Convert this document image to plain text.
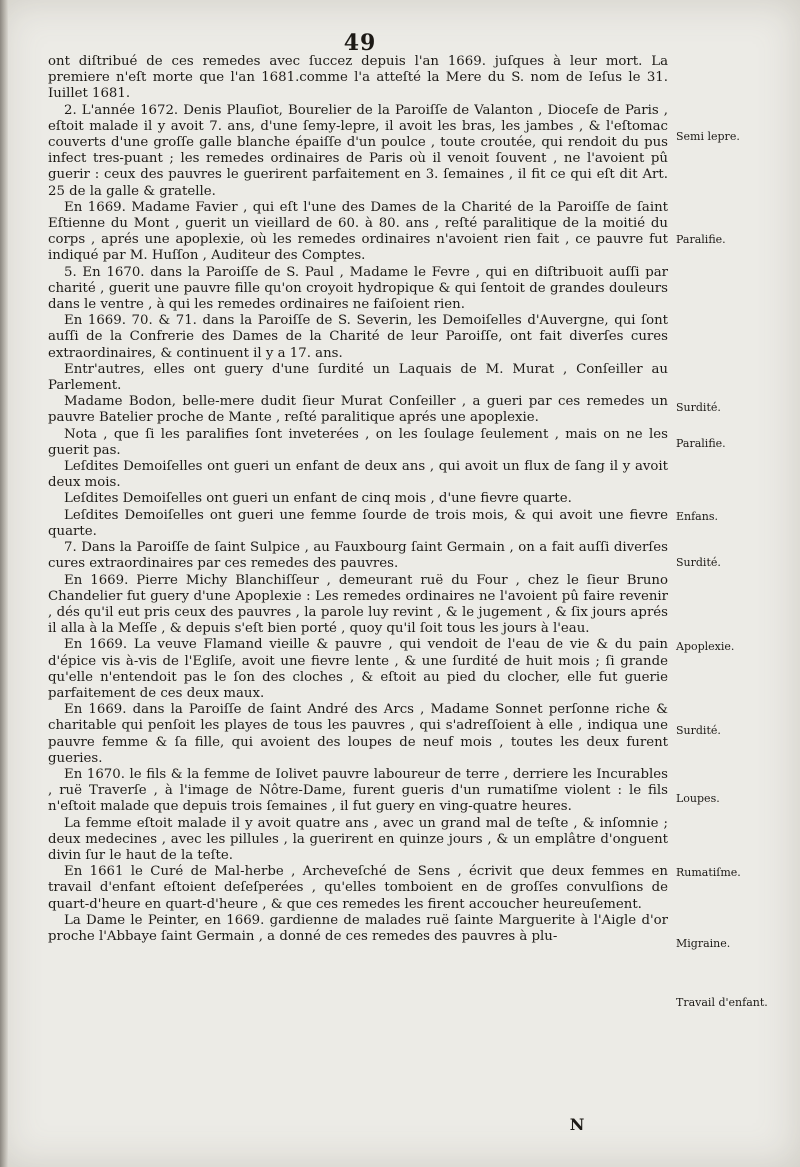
49

ont diſtribué de ces remedes avec ſuccez depuis l'an 1669. juſques à leur mort. La premiere n'eſt morte que l'an 1681.comme l'a atteſté la Mere du S. nom de Ieſus le 31. Iuillet 1681.

2. L'année 1672. Denis Plauſiot, Bourelier de la Paroiſſe de Valanton , Dioceſe de Paris , eſtoit malade il y avoit 7. ans, d'une ſemy-lepre, il avoit les bras, les jambes , & l'eſtomac couverts d'une groſſe galle blanche épaiſſe d'un poulce , toute croutée, qui rendoit du pus infect tres-puant ; les remedes ordinaires de Paris où il venoit ſouvent , ne l'avoient pû guerir : ceux des pauvres le guerirent parfaitement en 3. ſemaines , il fit ce qui eſt dit Art. 25 de la galle & gratelle.

En 1669. Madame Favier , qui eſt l'une des Dames de la Charité de la Paroiſſe de ſaint Eſtienne du Mont , guerit un vieillard de 60. à 80. ans , reſté paralitique de la moitié du corps , aprés une apoplexie, où les remedes ordinaires n'avoient rien fait , ce pauvre fut indiqué par M. Huſſon , Auditeur des Comptes.

5. En 1670. dans la Paroiſſe de S. Paul , Madame le Fevre , qui en diſtribuoit auſſi par charité , guerit une pauvre fille qu'on croyoit hydropique & qui ſentoit de grandes douleurs dans le ventre , à qui les remedes ordinaires ne faiſoient rien.

En 1669. 70. & 71. dans la Paroiſſe de S. Severin, les Demoiſelles d'Auvergne, qui ſont auſſi de la Confrerie des Dames de la Charité de leur Paroiſſe, ont fait diverſes cures extraordinaires, & continuent il y a 17. ans.

Entr'autres, elles ont guery d'une ſurdité un Laquais de M. Murat , Conſeiller au Parlement.

Madame Bodon, belle-mere dudit ſieur Murat Conſeiller , a gueri par ces remedes un pauvre Batelier proche de Mante , reſté paralitique aprés une apoplexie.

Nota , que ſi les paralifies ſont inveterées , on les ſoulage ſeulement , mais on ne les guerit pas.

Leſdites Demoiſelles ont gueri un enfant de deux ans , qui avoit un flux de ſang il y avoit deux mois.

Leſdites Demoiſelles ont gueri un enfant de cinq mois , d'une fievre quarte.

Leſdites Demoiſelles ont gueri une femme ſourde de trois mois, & qui avoit une fievre quarte.

7. Dans la Paroiſſe de ſaint Sulpice , au Fauxbourg ſaint Germain , on a fait auſſi diverſes cures extraordinaires par ces remedes des pauvres.

En 1669. Pierre Michy Blanchiſſeur , demeurant ruë du Four , chez le ſieur Bruno Chandelier fut guery d'une Apoplexie : Les remedes ordinaires ne l'avoient pû faire revenir , dés qu'il eut pris ceux des pauvres , la parole luy revint , & le jugement , & ſix jours aprés il alla à la Meſſe , & depuis s'eſt bien porté , quoy qu'il ſoit tous les jours à l'eau.

En 1669. La veuve Flamand vieille & pauvre , qui vendoit de l'eau de vie & du pain d'épice vis à-vis de l'Egliſe, avoit une fievre lente , & une ſurdité de huit mois ; ſi grande qu'elle n'entendoit pas le ſon des cloches , & eſtoit au pied du clocher, elle fut guerie parfaitement de ces deux maux.

En 1669. dans la Paroiſſe de ſaint André des Arcs , Madame Sonnet perſonne riche & charitable qui penſoit les playes de tous les pauvres , qui s'adreſſoient à elle , indiqua une pauvre femme & ſa fille, qui avoient des loupes de neuf mois , toutes les deux furent gueries.

En 1670. le fils & la femme de Iolivet pauvre laboureur de terre , derriere les Incurables , ruë Traverſe , à l'image de Nôtre-Dame, furent gueris d'un rumatiſme violent : le fils n'eſtoit malade que depuis trois ſemaines , il fut guery en ving-quatre heures.

La femme eſtoit malade il y avoit quatre ans , avec un grand mal de teſte , & inſomnie ; deux medecines , avec les pillules , la guerirent en quinze jours , & un emplâtre d'onguent divin ſur le haut de la teſte.

En 1661 le Curé de Mal-herbe , Archeveſché de Sens , écrivit que deux femmes en travail d'enfant eſtoient deſeſperées , qu'elles tomboient en de groſſes convulſions de quart-d'heure en quart-d'heure , & que ces remedes les firent accoucher heureuſement.

La Dame le Peinter, en 1669. gardienne de malades ruë ſainte Marguerite à l'Aigle d'or proche l'Abbaye ſaint Germain , a donné de ces remedes des pauvres à plu-

Semi lepre.
Paralifie.
Surdité.
Paralifie.
Enfans.
Surdité.
Apoplexie.
Surdité.
Loupes.
Rumatiſme.
Migraine.
Travail d'enfant.
N
